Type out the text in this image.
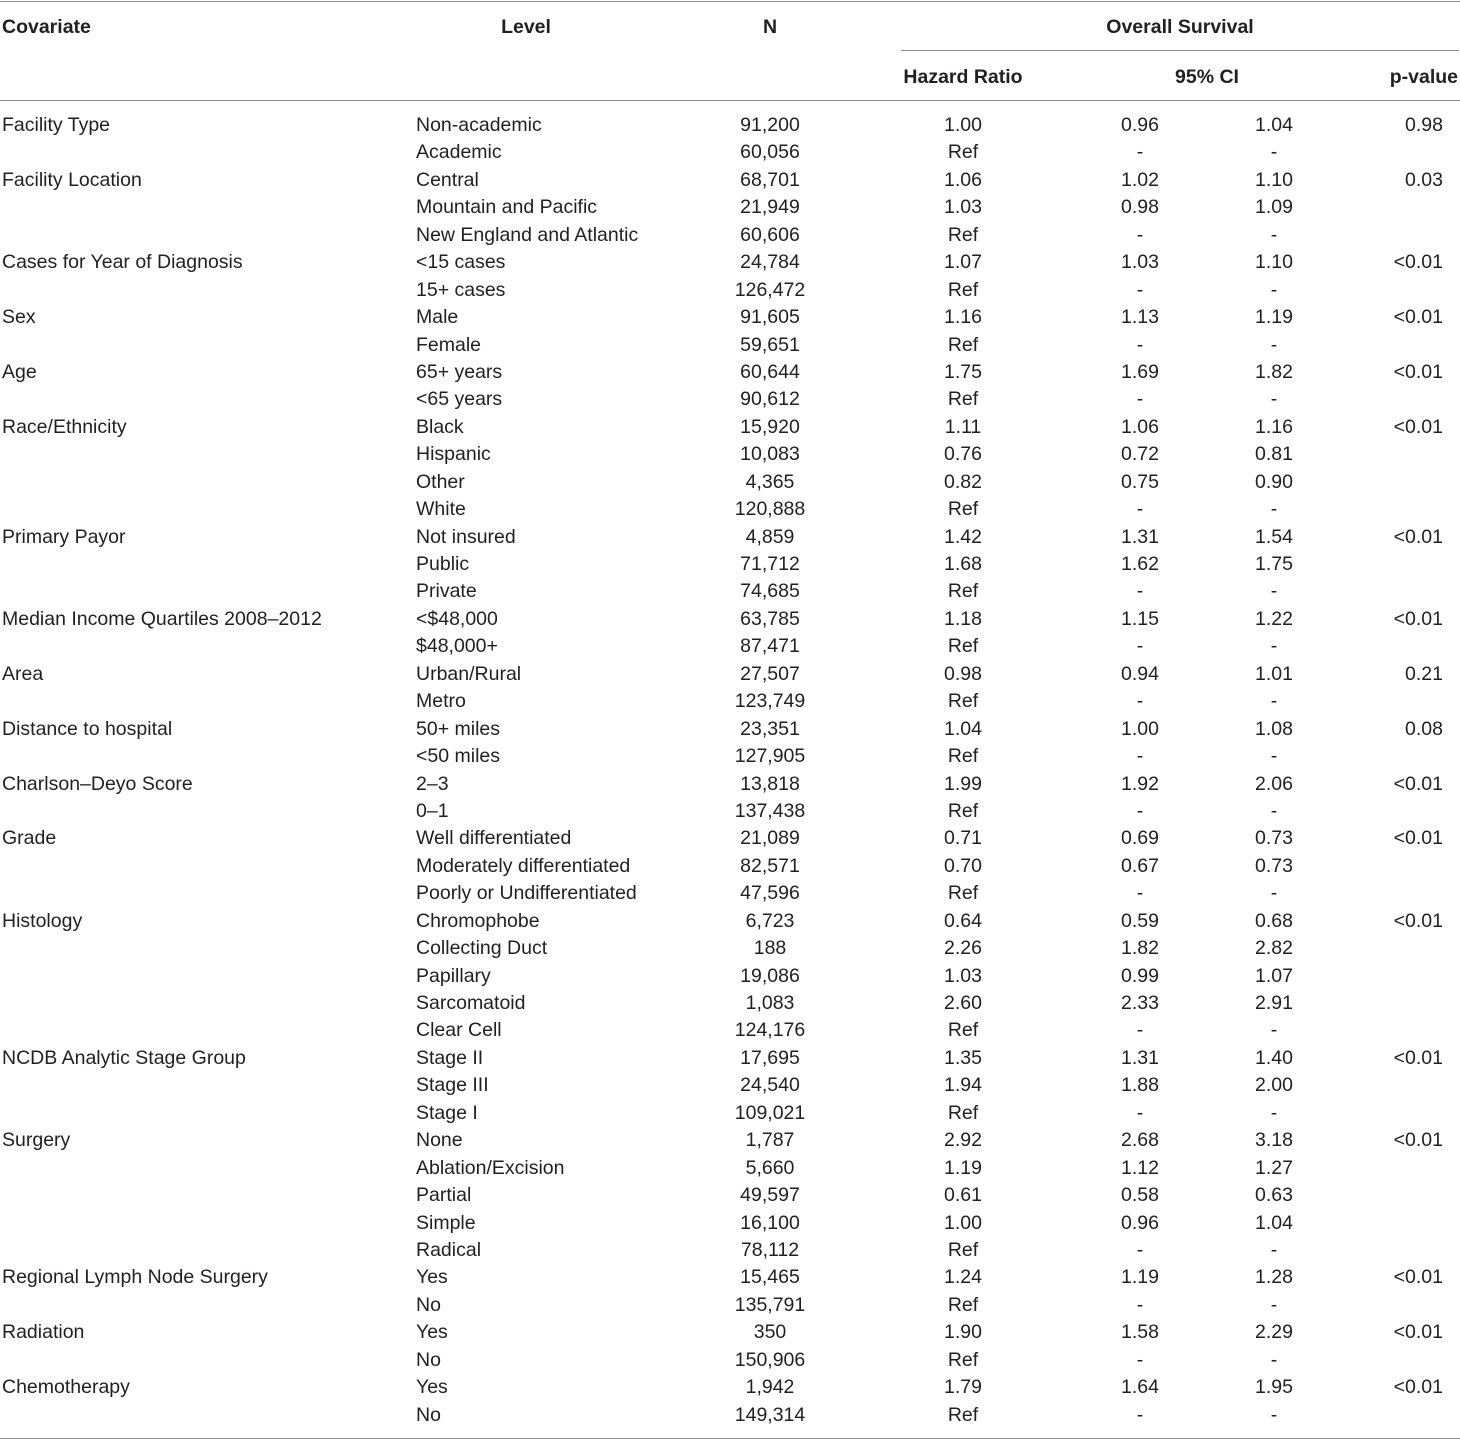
Covariate	Level	N	Overall Survival
Hazard Ratio	95% CI	p-value
Facility Type	Non-academic	91,200	1.00	0.96	1.04	0.98
Academic	60,056	Ref	-	-
Facility Location	Central	68,701	1.06	1.02	1.10	0.03
Mountain and Pacific	21,949	1.03	0.98	1.09
New England and Atlantic	60,606	Ref	-	-
Cases for Year of Diagnosis	<15 cases	24,784	1.07	1.03	1.10	<0.01
15+ cases	126,472	Ref	-	-
Sex	Male	91,605	1.16	1.13	1.19	<0.01
Female	59,651	Ref	-	-
Age	65+ years	60,644	1.75	1.69	1.82	<0.01
<65 years	90,612	Ref	-	-
Race/Ethnicity	Black	15,920	1.11	1.06	1.16	<0.01
Hispanic	10,083	0.76	0.72	0.81
Other	4,365	0.82	0.75	0.90
White	120,888	Ref	-	-
Primary Payor	Not insured	4,859	1.42	1.31	1.54	<0.01
Public	71,712	1.68	1.62	1.75
Private	74,685	Ref	-	-
Median Income Quartiles 2008–2012	<$48,000	63,785	1.18	1.15	1.22	<0.01
$48,000+	87,471	Ref	-	-
Area	Urban/Rural	27,507	0.98	0.94	1.01	0.21
Metro	123,749	Ref	-	-
Distance to hospital	50+ miles	23,351	1.04	1.00	1.08	0.08
<50 miles	127,905	Ref	-	-
Charlson–Deyo Score	2–3	13,818	1.99	1.92	2.06	<0.01
0–1	137,438	Ref	-	-
Grade	Well differentiated	21,089	0.71	0.69	0.73	<0.01
Moderately differentiated	82,571	0.70	0.67	0.73
Poorly or Undifferentiated	47,596	Ref	-	-
Histology	Chromophobe	6,723	0.64	0.59	0.68	<0.01
Collecting Duct	188	2.26	1.82	2.82
Papillary	19,086	1.03	0.99	1.07
Sarcomatoid	1,083	2.60	2.33	2.91
Clear Cell	124,176	Ref	-	-
NCDB Analytic Stage Group	Stage II	17,695	1.35	1.31	1.40	<0.01
Stage III	24,540	1.94	1.88	2.00
Stage I	109,021	Ref	-	-
Surgery	None	1,787	2.92	2.68	3.18	<0.01
Ablation/Excision	5,660	1.19	1.12	1.27
Partial	49,597	0.61	0.58	0.63
Simple	16,100	1.00	0.96	1.04
Radical	78,112	Ref	-	-
Regional Lymph Node Surgery	Yes	15,465	1.24	1.19	1.28	<0.01
No	135,791	Ref	-	-
Radiation	Yes	350	1.90	1.58	2.29	<0.01
No	150,906	Ref	-	-
Chemotherapy	Yes	1,942	1.79	1.64	1.95	<0.01
No	149,314	Ref	-	-
